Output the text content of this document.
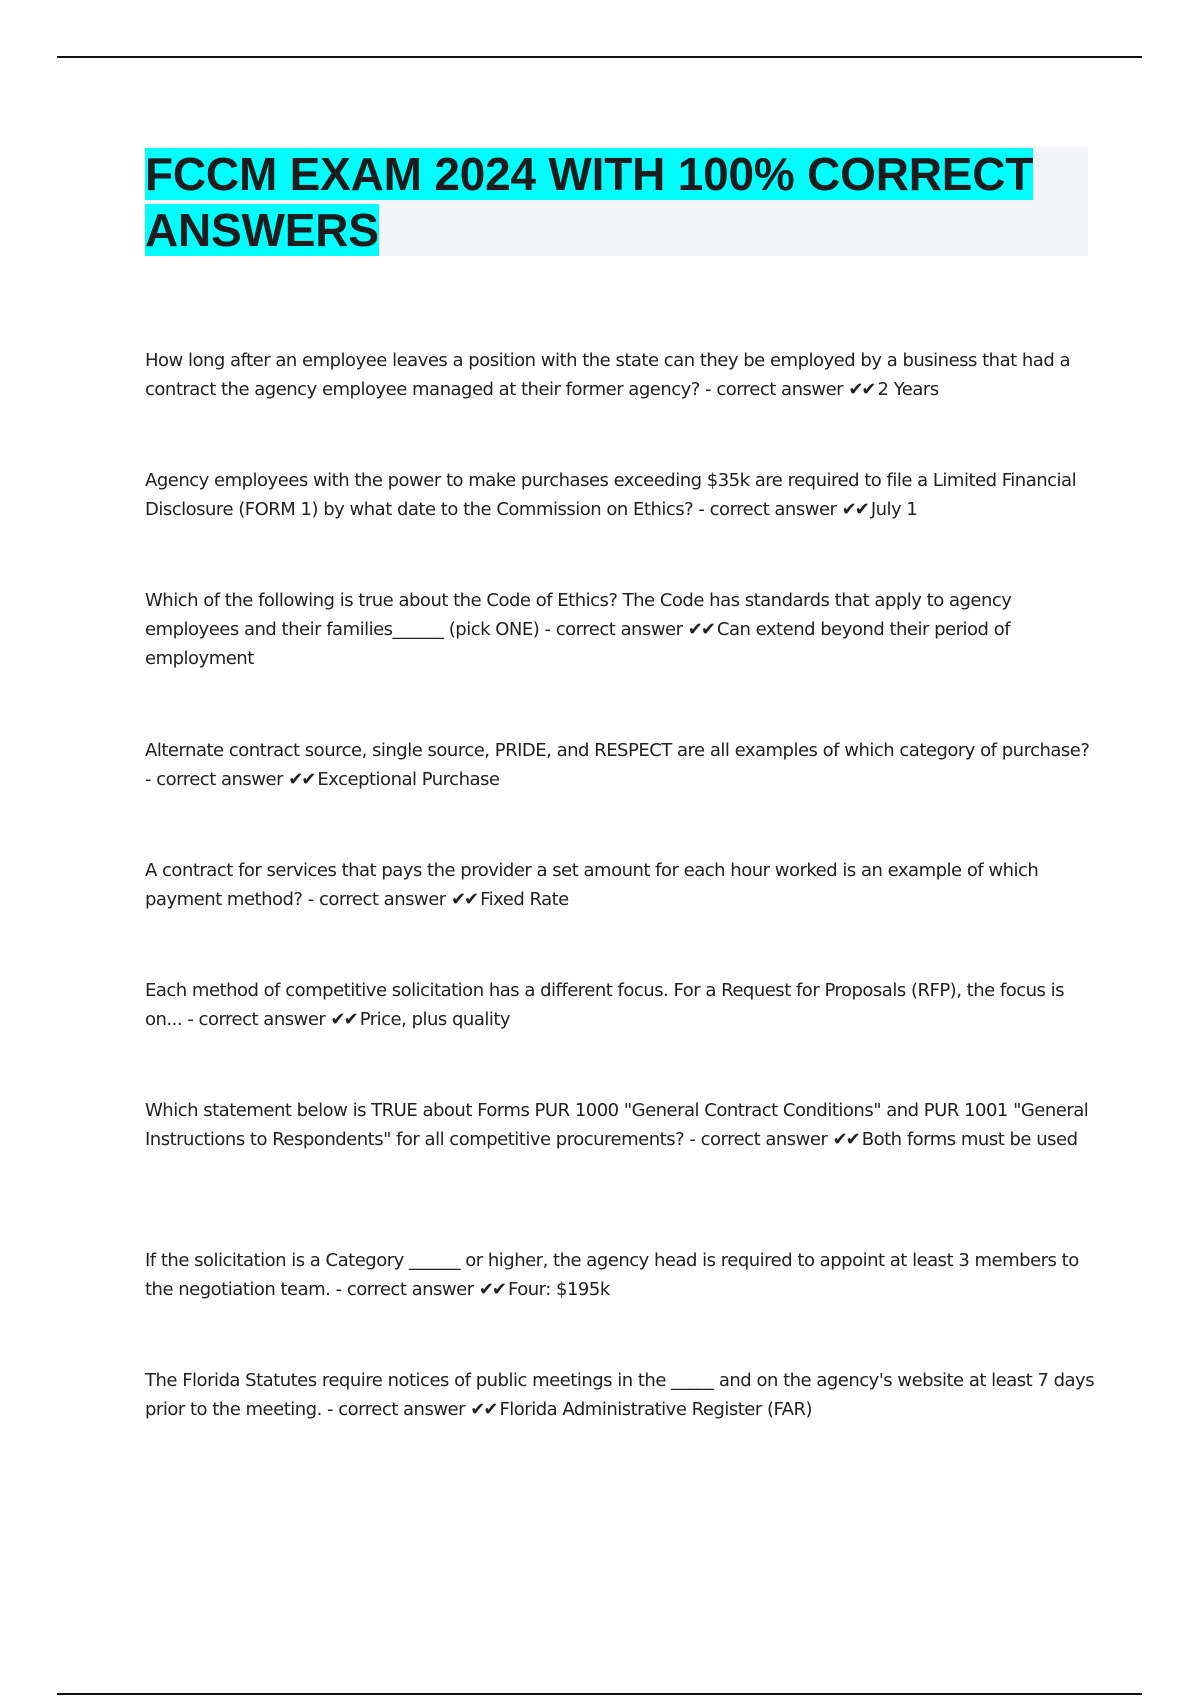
FCCM EXAM 2024 WITH 100% CORRECT ANSWERS

How long after an employee leaves a position with the state can they be employed by a business that had a contract the agency employee managed at their former agency? - correct answer ✔✔ 2 Years

Agency employees with the power to make purchases exceeding $35k are required to file a Limited Financial Disclosure (FORM 1) by what date to the Commission on Ethics? - correct answer ✔✔ July 1

Which of the following is true about the Code of Ethics? The Code has standards that apply to agency employees and their families______ (pick ONE) - correct answer ✔✔ Can extend beyond their period of employment

Alternate contract source, single source, PRIDE, and RESPECT are all examples of which category of purchase? - correct answer ✔✔ Exceptional Purchase

A contract for services that pays the provider a set amount for each hour worked is an example of which payment method? - correct answer ✔✔ Fixed Rate

Each method of competitive solicitation has a different focus. For a Request for Proposals (RFP), the focus is on... - correct answer ✔✔ Price, plus quality

Which statement below is TRUE about Forms PUR 1000 "General Contract Conditions" and PUR 1001 "General Instructions to Respondents" for all competitive procurements? - correct answer ✔✔ Both forms must be used

If the solicitation is a Category ______ or higher, the agency head is required to appoint at least 3 members to the negotiation team. - correct answer ✔✔ Four: $195k

The Florida Statutes require notices of public meetings in the _____ and on the agency's website at least 7 days prior to the meeting. - correct answer ✔✔ Florida Administrative Register (FAR)
